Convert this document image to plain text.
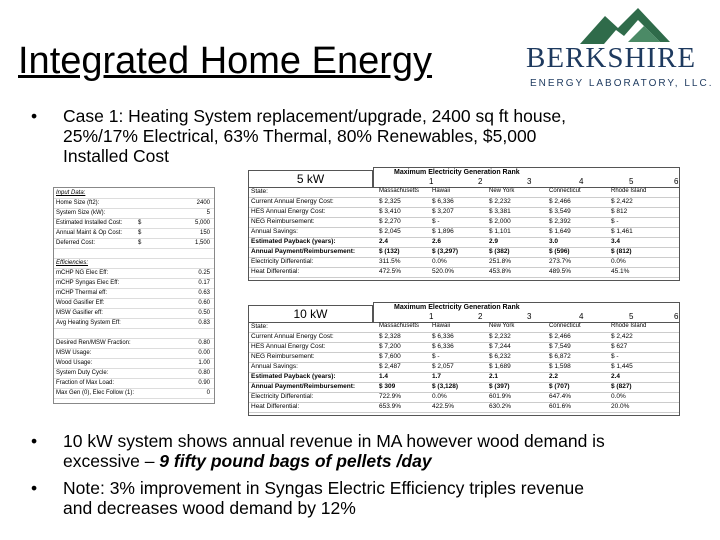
Integrated Home Energy	BERKSHIRE
ENERGY LABORATORY, LLC.
• Case 1: Heating System replacement/upgrade, 2400 sq ft house,
25%/17% Electrical, 63% Thermal, 80% Renewables, $5,000
Installed Cost
Input Data:
Home Size (ft2):	2400
System Size (kW):	5
Estimated Installed Cost:	$	5,000
Annual Maint & Op Cost:	$	150
Deferred Cost:	$	1,500
Efficiencies:
mCHP NG Elec Eff:	0.25
mCHP Syngas Elec Eff:	0.17
mCHP Thermal eff:	0.63
Wood Gasifier Eff:	0.60
MSW Gasifier eff:	0.50
Avg Heating System Eff:	0.83
Desired Ren/MSW Fraction:	0.80
MSW Usage:	0.00
Wood Usage:	1.00
System Duty Cycle:	0.80
Fraction of Max Load:	0.90
Max Gen (0), Elec Follow (1):	0
5 kW	Maximum Electricity Generation Rank
1	2	3	4	5	6
State:	Massachusetts Hawaii	New York	Connecticut	Rhode Island
Current Annual Energy Cost:	$ 2,325	$ 6,336	$ 2,232	$ 2,466	$ 2,422
HES Annual Energy Cost:	$ 3,410	$ 3,207	$ 3,381	$ 3,549	$ 812
NEG Reimbursement:	$ 2,270	$ -	$ 2,000	$ 2,392	$ -
Annual Savings:	$ 2,045	$ 1,896	$ 1,101	$ 1,649	$ 1,461
Estimated Payback (years):	2.4	2.6	2.9	3.0	3.4
Annual Payment/Reimbursement:	$ (132)	$ (3,297)	$ (382)	$ (596)	$ (812)
Electricity Differential:	311.5%	0.0%	251.8%	273.7%	0.0%
Heat Differential:	472.5%	520.0%	453.8%	489.5%	45.1%
10 kW	Maximum Electricity Generation Rank
1	2	3	4	5	6
State:	Massachusetts Hawaii	New York	Connecticut	Rhode Island
Current Annual Energy Cost:	$ 2,328	$ 6,336	$ 2,232	$ 2,466	$ 2,422
HES Annual Energy Cost:	$ 7,200	$ 6,336	$ 7,244	$ 7,549	$ 627
NEG Reimbursement:	$ 7,600	$ -	$ 6,232	$ 6,872	$ -
Annual Savings:	$ 2,487	$ 2,057	$ 1,689	$ 1,598	$ 1,445
Estimated Payback (years):	1.4	1.7	2.1	2.2	2.4
Annual Payment/Reimbursement:	$ 309	$ (3,128)	$ (397)	$ (707)	$ (827)
Electricity Differential:	722.9%	0.0%	601.9%	647.4%	0.0%
Heat Differential:	653.9%	422.5%	630.2%	601.6%	20.0%
• 10 kW system shows annual revenue in MA however wood demand is
excessive – 9 fifty pound bags of pellets /day
• Note: 3% improvement in Syngas Electric Efficiency triples revenue
and decreases wood demand by 12%
